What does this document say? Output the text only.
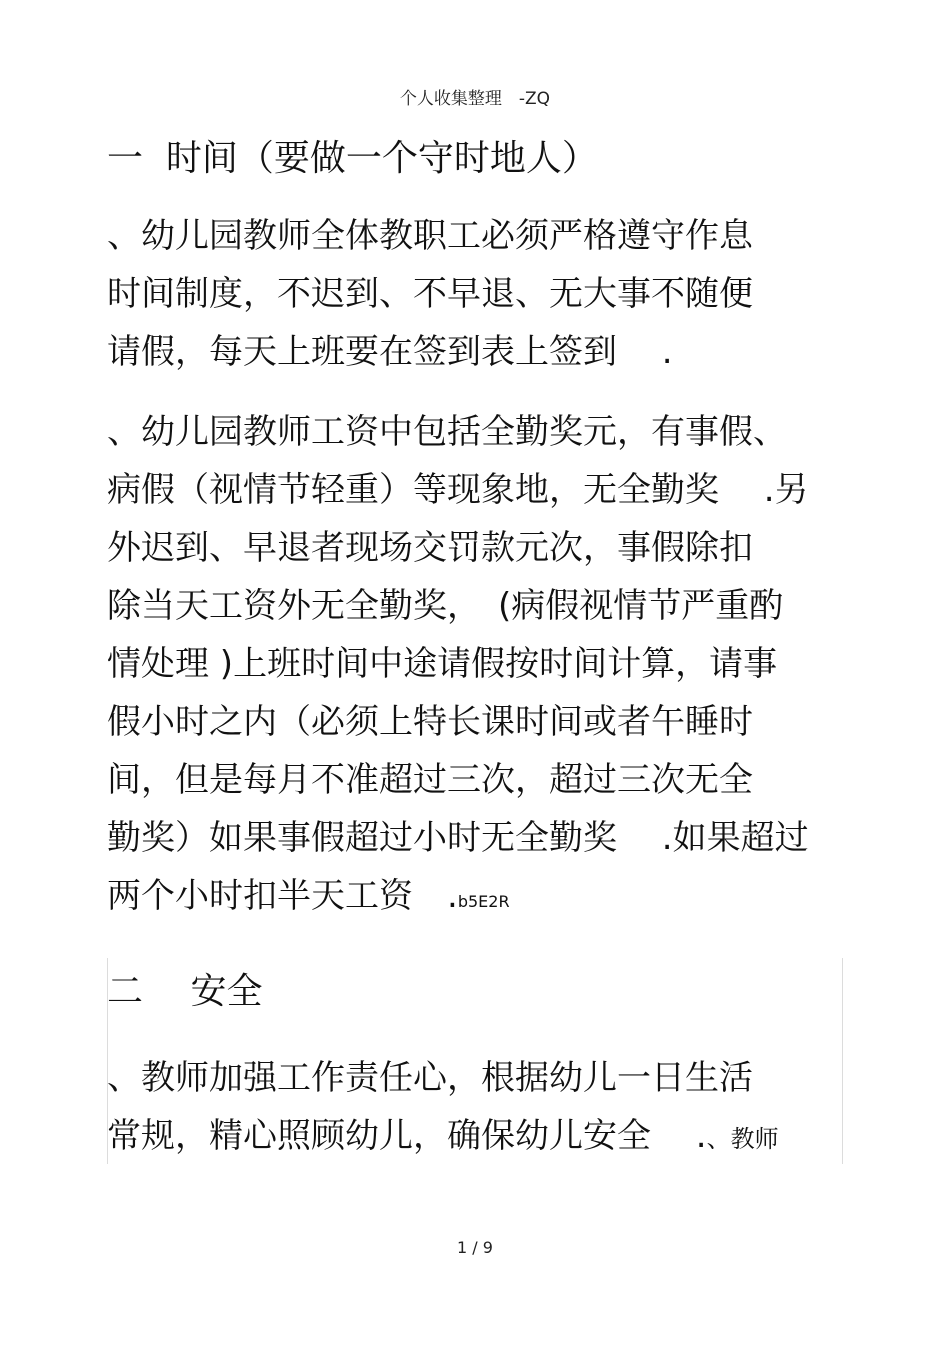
个人收集整理　-ZQ
一  时间（要做一个守时地人）
、幼儿园教师全体教职工必须严格遵守作息
时间制度，不迟到、不早退、无大事不随便
请假，每天上班要在签到表上签到　 .
、幼儿园教师工资中包括全勤奖元，有事假、
病假（视情节轻重）等现象地，无全勤奖　 .另
外迟到、早退者现场交罚款元次，事假除扣
除当天工资外无全勤奖，　(病假视情节严重酌
情处理 )上班时间中途请假按时间计算，请事
假小时之内（必须上特长课时间或者午睡时
间，但是每月不准超过三次，超过三次无全
勤奖）如果事假超过小时无全勤奖　 .如果超过
两个小时扣半天工资　.b5E2R
二　 安全
、教师加强工作责任心，根据幼儿一日生活
常规，精心照顾幼儿，确保幼儿安全　 .、教师
1 / 9
